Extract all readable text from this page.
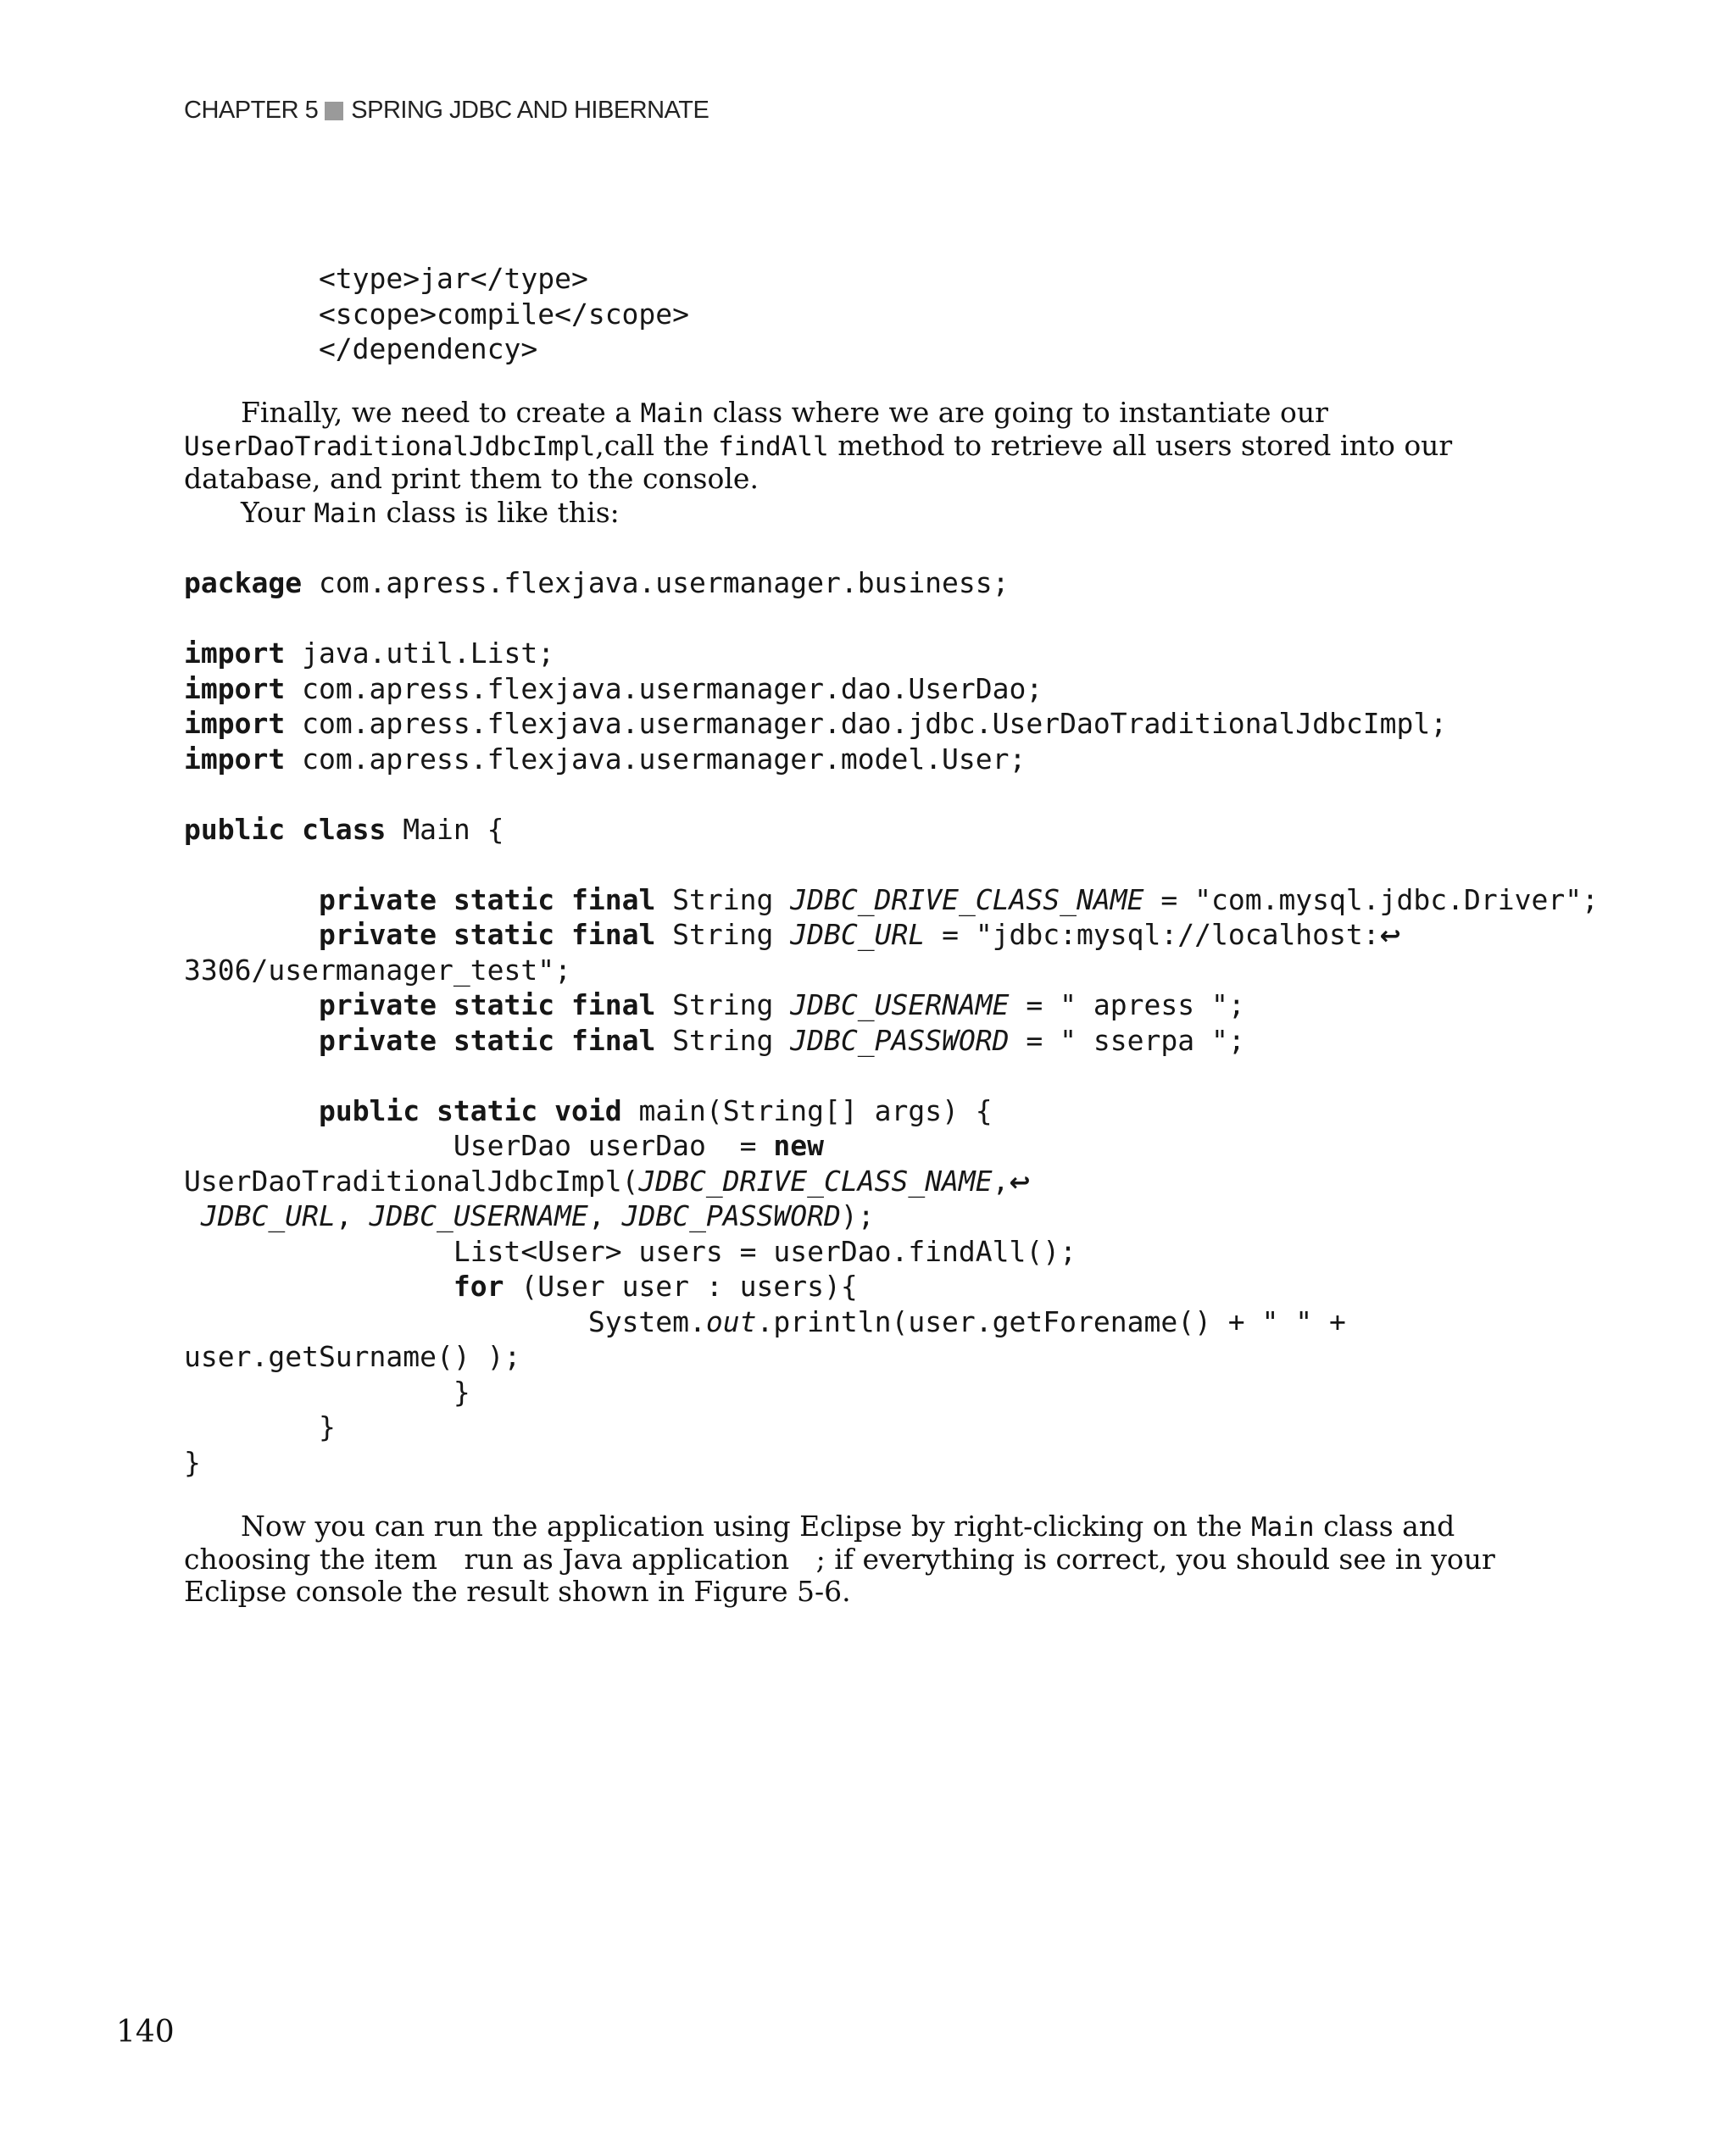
CHAPTER 5 SPRING JDBC AND HIBERNATE
<type>jar</type>
<scope>compile</scope>
</dependency>

Finally, we need to create a Main class where we are going to instantiate our UserDaoTraditionalJdbcImpl,call the findAll method to retrieve all users stored into our database, and print them to the console.

Your Main class is like this:

package com.apress.flexjava.usermanager.business;
import java.util.List;
import com.apress.flexjava.usermanager.dao.UserDao;
import com.apress.flexjava.usermanager.dao.jdbc.UserDaoTraditionalJdbcImpl;
import com.apress.flexjava.usermanager.model.User;
public class Main {
private static final String JDBC_DRIVE_CLASS_NAME = "com.mysql.jdbc.Driver";
private static final String JDBC_URL = "jdbc:mysql://localhost:↩
3306/usermanager_test";
private static final String JDBC_USERNAME = " apress ";
private static final String JDBC_PASSWORD = " sserpa ";
public static void main(String[] args) {
UserDao userDao  = new
UserDaoTraditionalJdbcImpl(JDBC_DRIVE_CLASS_NAME,↩
JDBC_URL, JDBC_USERNAME, JDBC_PASSWORD);
List<User> users = userDao.findAll();
for (User user : users){
System.out.println(user.getForename() + " " +
user.getSurname() );
}
}
}

Now you can run the application using Eclipse by right-clicking on the Main class and choosing the item   run as Java application   ; if everything is correct, you should see in your Eclipse console the result shown in Figure 5-6.

140
